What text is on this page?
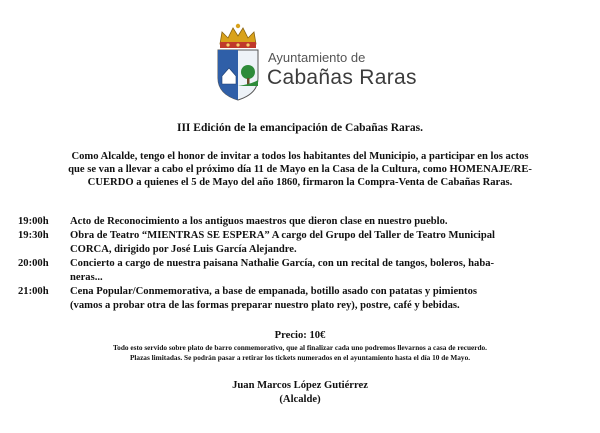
Ayuntamiento de
Cabañas Raras
III Edición de la emancipación de Cabañas Raras.
Como Alcalde, tengo el honor de invitar a todos los habitantes del Municipio, a participar en los actos
que se van a llevar a cabo el próximo día 11 de Mayo en la Casa de la Cultura, como HOMENAJE/RE-
CUERDO a quienes el 5 de Mayo del año 1860, firmaron la Compra-Venta de Cabañas Raras.
19:00h	Acto de Reconocimiento a los antiguos maestros que dieron clase en nuestro pueblo.
19:30h	Obra de Teatro “MIENTRAS SE ESPERA” A cargo del Grupo del Taller de Teatro Municipal
CORCA, dirigido por José Luis García Alejandre.
20:00h	Concierto a cargo de nuestra paisana Nathalie García, con un recital de tangos, boleros, haba-
neras...
21:00h	Cena Popular/Conmemorativa, a base de empanada, botillo asado con patatas y pimientos
(vamos a probar otra de las formas preparar nuestro plato rey), postre, café y bebidas.
Precio: 10€
Todo esto servido sobre plato de barro conmemorativo, que al finalizar cada uno podremos llevarnos a casa de recuerdo.
Plazas limitadas. Se podrán pasar a retirar los tickets numerados en el ayuntamiento hasta el día 10 de Mayo.
Juan Marcos López Gutiérrez
(Alcalde)
